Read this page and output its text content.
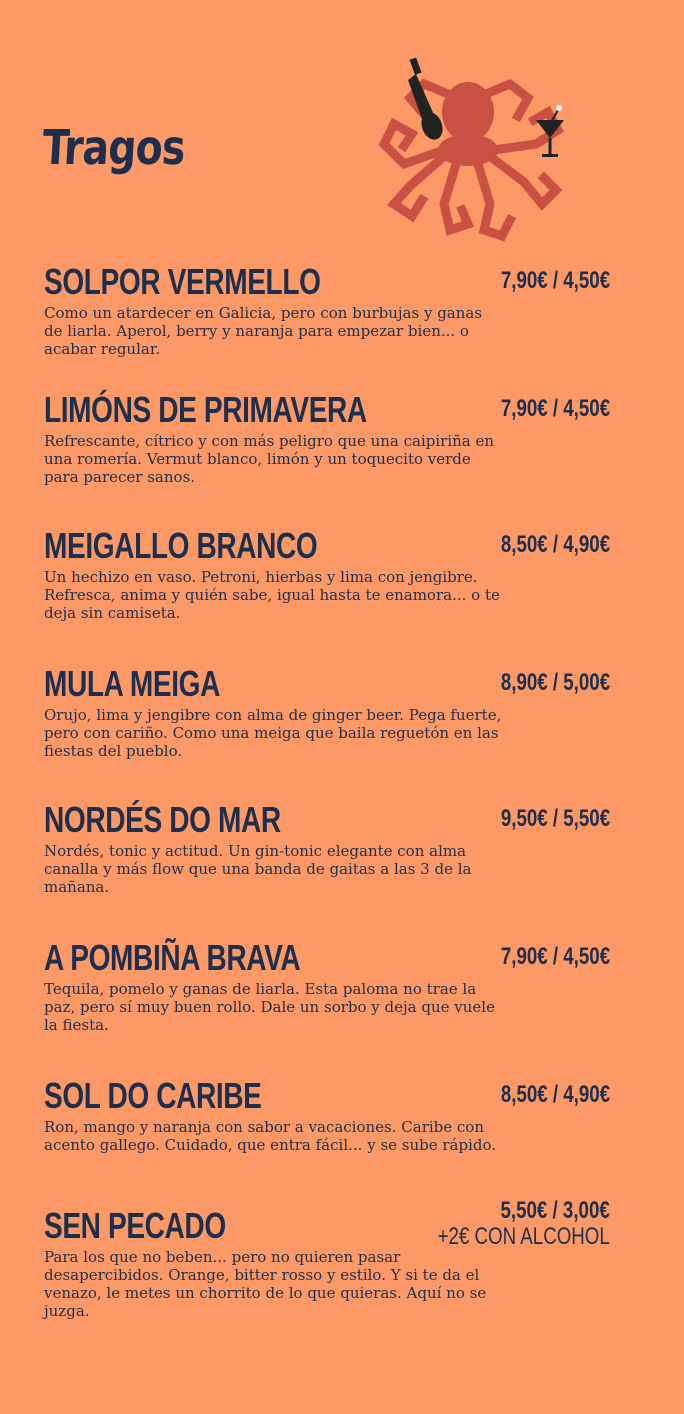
Tragos
SOLPOR VERMELLO	7,90€ / 4,50€

Como un atardecer en Galicia, pero con burbujas y ganas de liarla. Aperol, berry y naranja para empezar bien... o acabar regular.

LIMÓNS DE PRIMAVERA	7,90€ / 4,50€

Refrescante, cítrico y con más peligro que una caipiriña en una romería. Vermut blanco, limón y un toquecito verde para parecer sanos.

MEIGALLO BRANCO	8,50€ / 4,90€

Un hechizo en vaso. Petroni, hierbas y lima con jengibre. Refresca, anima y quién sabe, igual hasta te enamora... o te deja sin camiseta.

MULA MEIGA	8,90€ / 5,00€

Orujo, lima y jengibre con alma de ginger beer. Pega fuerte, pero con cariño. Como una meiga que baila reguetón en las fiestas del pueblo.

NORDÉS DO MAR	9,50€ / 5,50€

Nordés, tonic y actitud. Un gin-tonic elegante con alma canalla y más flow que una banda de gaitas a las 3 de la mañana.

A POMBIÑA BRAVA	7,90€ / 4,50€

Tequila, pomelo y ganas de liarla. Esta paloma no trae la paz, pero sí muy buen rollo. Dale un sorbo y deja que vuele la fiesta.

SOL DO CARIBE	8,50€ / 4,90€

Ron, mango y naranja con sabor a vacaciones. Caribe con acento gallego. Cuidado, que entra fácil... y se sube rápido.

SEN PECADO	5,50€ / 3,00€
+2€ CON ALCOHOL

Para los que no beben... pero no quieren pasar desapercibidos. Orange, bitter rosso y estilo. Y si te da el venazo, le metes un chorrito de lo que quieras. Aquí no se juzga.
